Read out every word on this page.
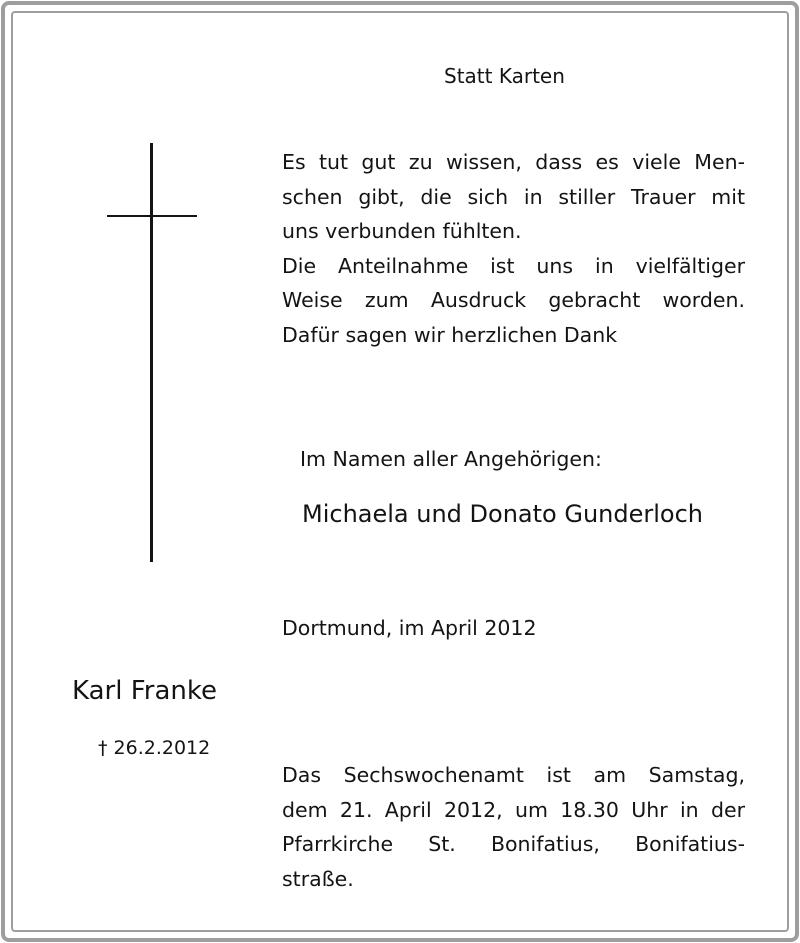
Statt Karten

Es tut gut zu wissen, dass es viele Men-
schen gibt, die sich in stiller Trauer mit
uns verbunden fühlten.
Die Anteilnahme ist uns in vielfältiger
Weise zum Ausdruck gebracht worden.
Dafür sagen wir herzlichen Dank

Im Namen aller Angehörigen:

Michaela und Donato Gunderloch

Dortmund, im April 2012

Karl Franke

† 26.2.2012

Das Sechswochenamt ist am Samstag,
dem 21. April 2012, um 18.30 Uhr in der
Pfarrkirche St. Bonifatius, Bonifatius-
straße.
